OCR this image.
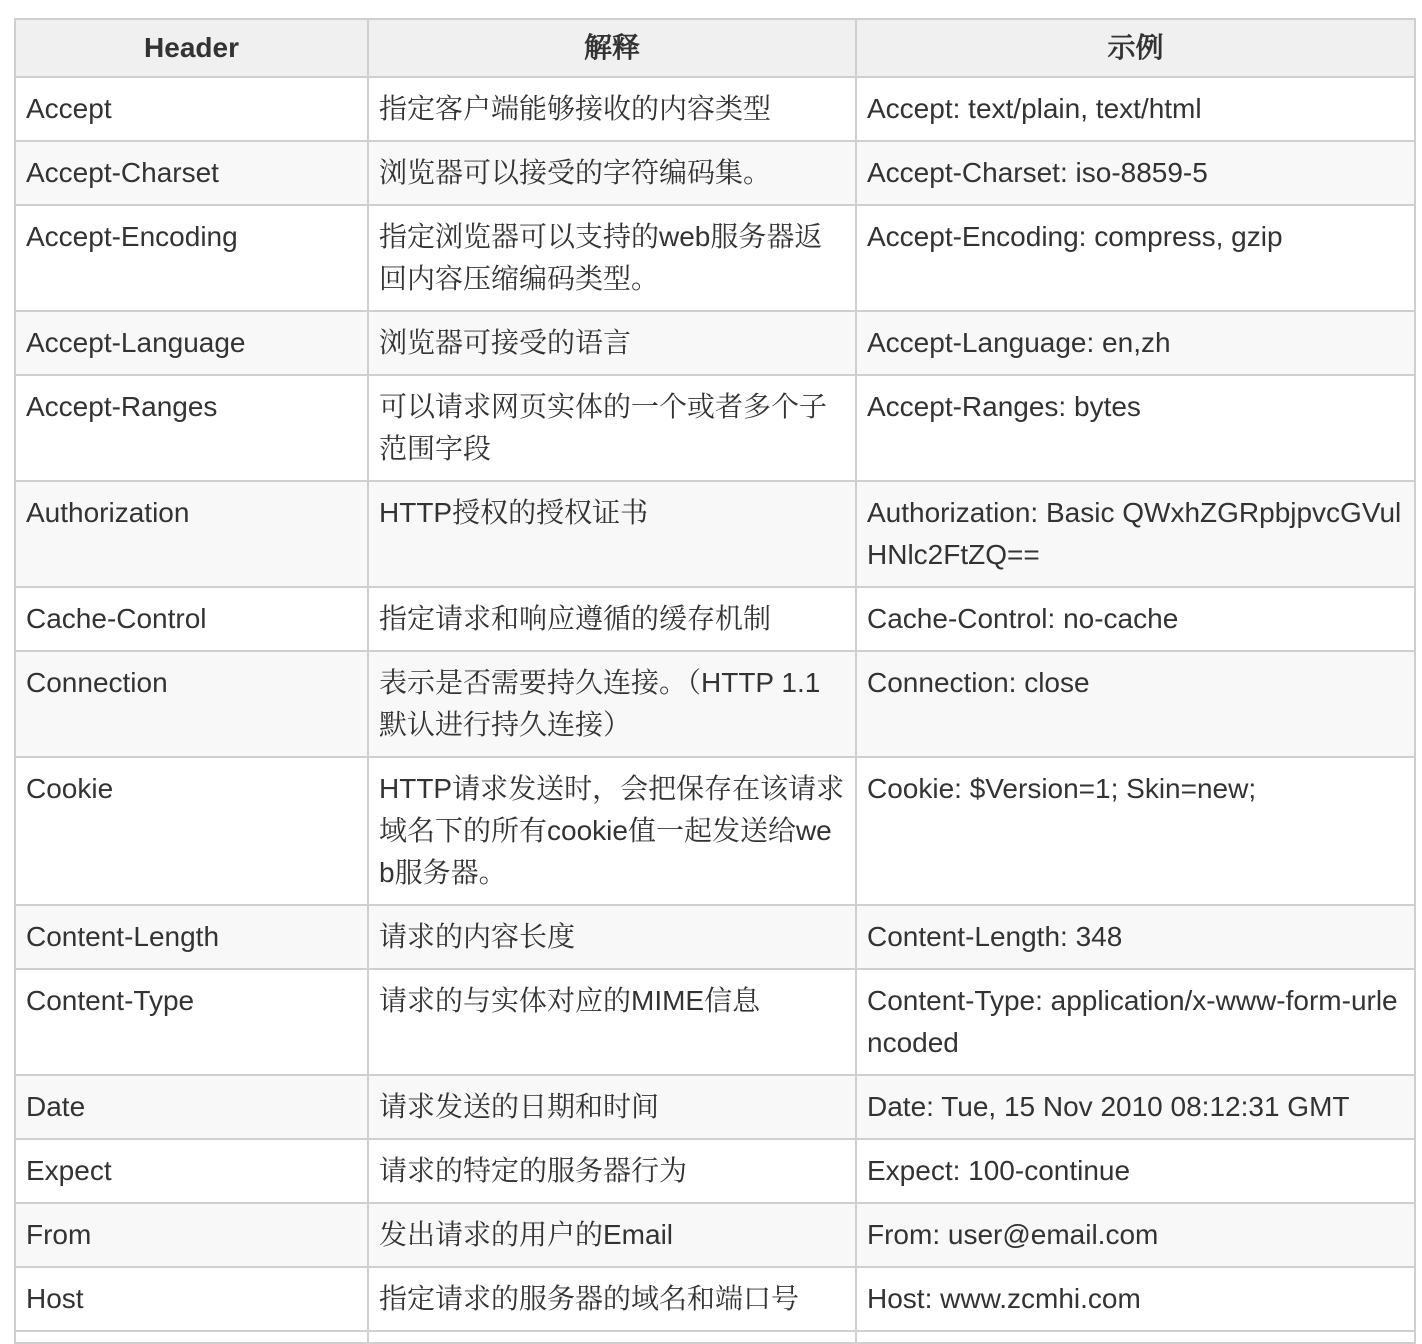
Header	解释	示例
Accept	指定客户端能够接收的内容类型	Accept: text/plain, text/html
Accept-Charset	浏览器可以接受的字符编码集。	Accept-Charset: iso-8859-5
Accept-Encoding	指定浏览器可以支持的web服务器返回内容压缩编码类型。	Accept-Encoding: compress, gzip
Accept-Language	浏览器可接受的语言	Accept-Language: en,zh
Accept-Ranges	可以请求网页实体的一个或者多个子范围字段	Accept-Ranges: bytes
Authorization	HTTP授权的授权证书	Authorization: Basic QWxhZGRpbjpvcGVulHNlc2FtZQ==
Cache-Control	指定请求和响应遵循的缓存机制	Cache-Control: no-cache
Connection	表示是否需要持久连接。（HTTP 1.1默认进行持久连接）	Connection: close
Cookie	HTTP请求发送时，会把保存在该请求域名下的所有cookie值一起发送给web服务器。	Cookie: $Version=1; Skin=new;
Content-Length	请求的内容长度	Content-Length: 348
Content-Type	请求的与实体对应的MIME信息	Content-Type: application/x-www-form-urlencoded
Date	请求发送的日期和时间	Date: Tue, 15 Nov 2010 08:12:31 GMT
Expect	请求的特定的服务器行为	Expect: 100-continue
From	发出请求的用户的Email	From: user@email.com
Host	指定请求的服务器的域名和端口号	Host: www.zcmhi.com
